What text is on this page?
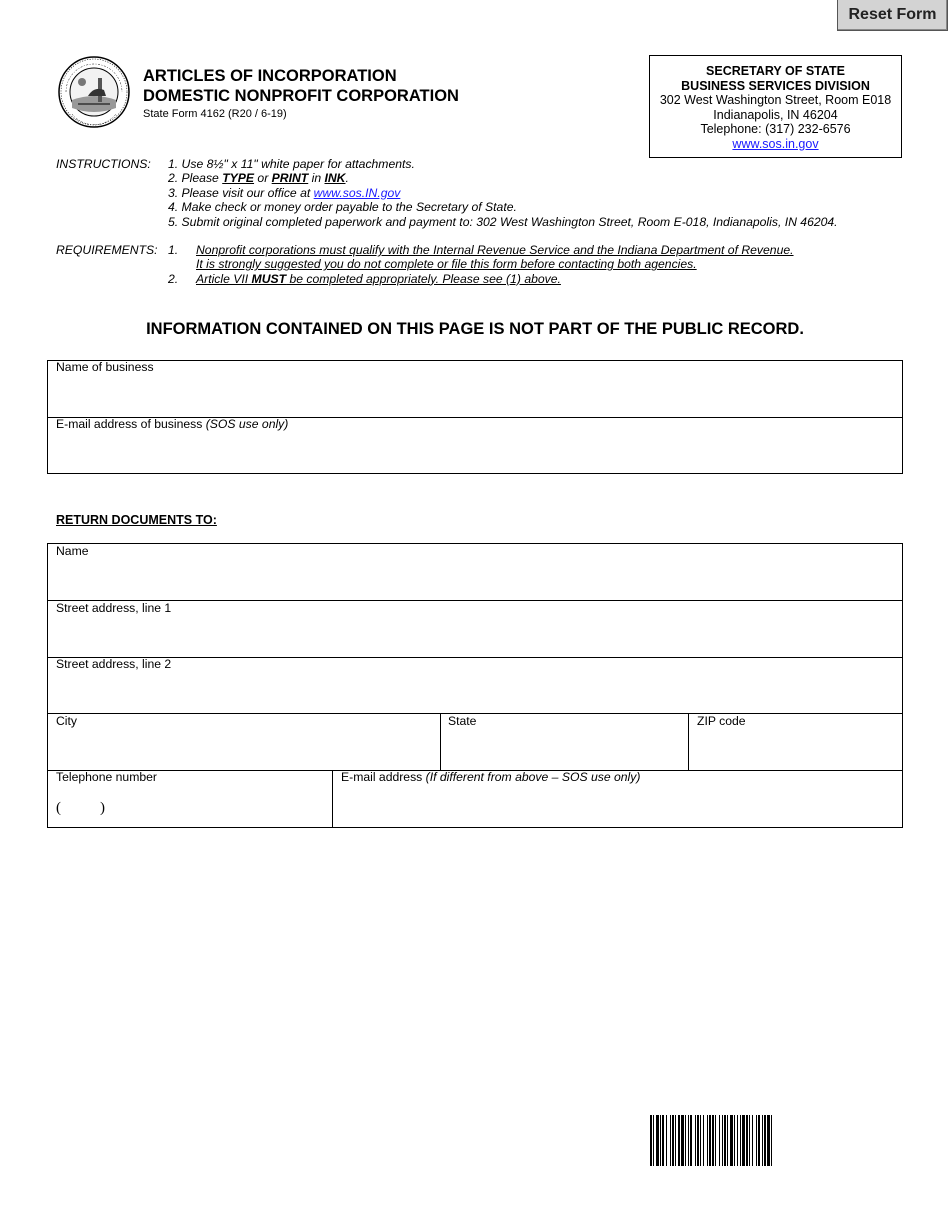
Reset Form
ARTICLES OF INCORPORATION
DOMESTIC NONPROFIT CORPORATION
State Form 4162 (R20 / 6-19)
SECRETARY OF STATE
BUSINESS SERVICES DIVISION
302 West Washington Street, Room E018
Indianapolis, IN 46204
Telephone: (317) 232-6576
www.sos.in.gov
INSTRUCTIONS: 1. Use 8½" x 11" white paper for attachments.
2. Please TYPE or PRINT in INK.
3. Please visit our office at www.sos.IN.gov
4. Make check or money order payable to the Secretary of State.
5. Submit original completed paperwork and payment to: 302 West Washington Street, Room E-018, Indianapolis, IN 46204.
REQUIREMENTS: 1. Nonprofit corporations must qualify with the Internal Revenue Service and the Indiana Department of Revenue.
It is strongly suggested you do not complete or file this form before contacting both agencies.
2. Article VII MUST be completed appropriately. Please see (1) above.
INFORMATION CONTAINED ON THIS PAGE IS NOT PART OF THE PUBLIC RECORD.
Name of business
E-mail address of business (SOS use only)
RETURN DOCUMENTS TO:
Name
Street address, line 1
Street address, line 2
City	State	ZIP code
Telephone number	E-mail address (If different from above – SOS use only)
(	)
